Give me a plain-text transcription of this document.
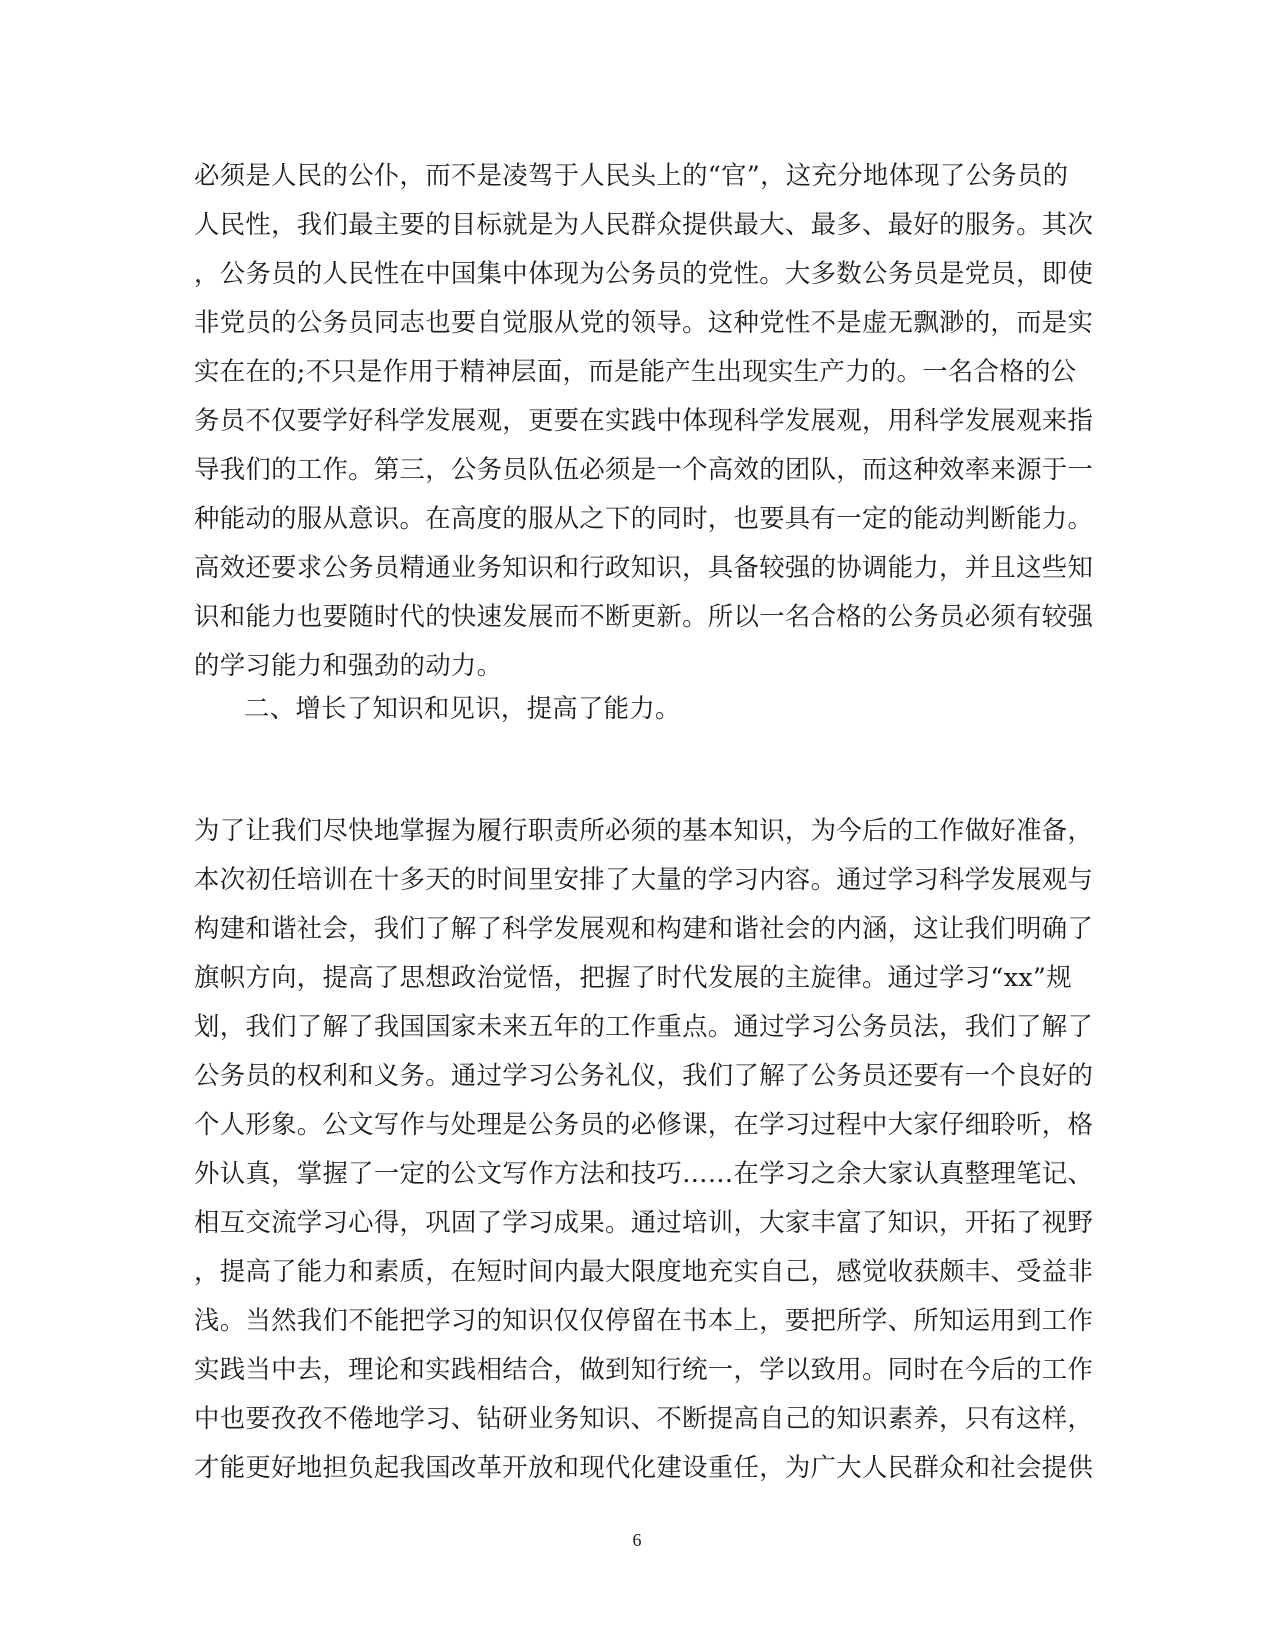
必须是人民的公仆，而不是凌驾于人民头上的“官”，这充分地体现了公务员的
人民性，我们最主要的目标就是为人民群众提供最大、最多、最好的服务。其次
，公务员的人民性在中国集中体现为公务员的党性。大多数公务员是党员，即使
非党员的公务员同志也要自觉服从党的领导。这种党性不是虚无飘渺的，而是实
实在在的;不只是作用于精神层面，而是能产生出现实生产力的。一名合格的公
务员不仅要学好科学发展观，更要在实践中体现科学发展观，用科学发展观来指
导我们的工作。第三，公务员队伍必须是一个高效的团队，而这种效率来源于一
种能动的服从意识。在高度的服从之下的同时，也要具有一定的能动判断能力。
高效还要求公务员精通业务知识和行政知识，具备较强的协调能力，并且这些知
识和能力也要随时代的快速发展而不断更新。所以一名合格的公务员必须有较强
的学习能力和强劲的动力。
二、增长了知识和见识，提高了能力。
为了让我们尽快地掌握为履行职责所必须的基本知识，为今后的工作做好准备，
本次初任培训在十多天的时间里安排了大量的学习内容。通过学习科学发展观与
构建和谐社会，我们了解了科学发展观和构建和谐社会的内涵，这让我们明确了
旗帜方向，提高了思想政治觉悟，把握了时代发展的主旋律。通过学习“xx”规
划，我们了解了我国国家未来五年的工作重点。通过学习公务员法，我们了解了
公务员的权利和义务。通过学习公务礼仪，我们了解了公务员还要有一个良好的
个人形象。公文写作与处理是公务员的必修课，在学习过程中大家仔细聆听，格
外认真，掌握了一定的公文写作方法和技巧……在学习之余大家认真整理笔记、
相互交流学习心得，巩固了学习成果。通过培训，大家丰富了知识，开拓了视野
，提高了能力和素质，在短时间内最大限度地充实自己，感觉收获颇丰、受益非
浅。当然我们不能把学习的知识仅仅停留在书本上，要把所学、所知运用到工作
实践当中去，理论和实践相结合，做到知行统一，学以致用。同时在今后的工作
中也要孜孜不倦地学习、钻研业务知识、不断提高自己的知识素养，只有这样，
才能更好地担负起我国改革开放和现代化建设重任，为广大人民群众和社会提供
6
